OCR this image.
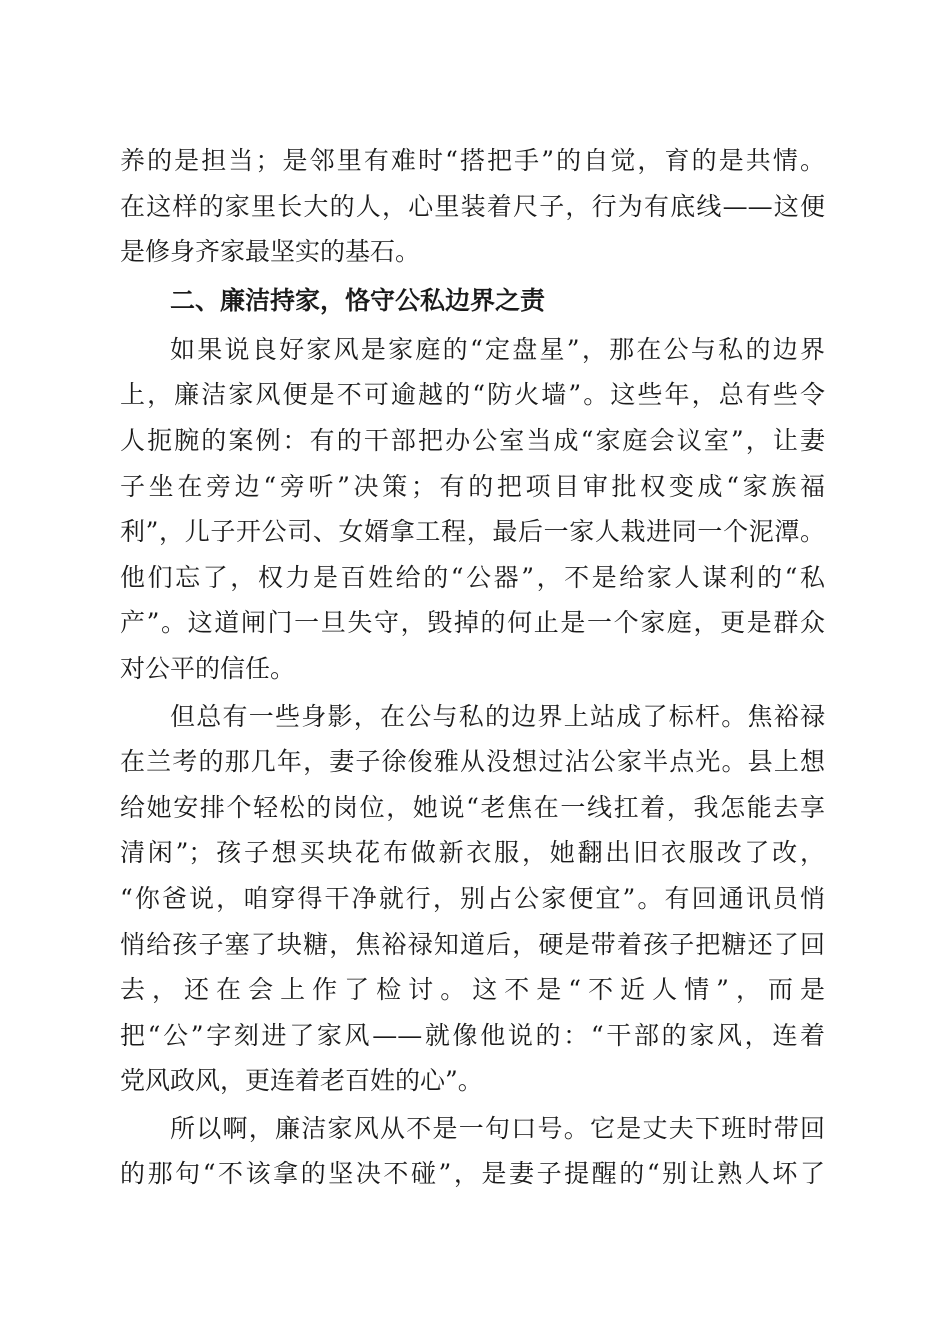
养的是担当；是邻里有难时“搭把手”的自觉，育的是共情。
在这样的家里长大的人，心里装着尺子，行为有底线——这便
是修身齐家最坚实的基石。
二、廉洁持家，恪守公私边界之责
如果说良好家风是家庭的“定盘星”，那在公与私的边界
上，廉洁家风便是不可逾越的“防火墙”。这些年，总有些令
人扼腕的案例：有的干部把办公室当成“家庭会议室”，让妻
子坐在旁边“旁听”决策；有的把项目审批权变成“家族福
利”，儿子开公司、女婿拿工程，最后一家人栽进同一个泥潭。
他们忘了，权力是百姓给的“公器”，不是给家人谋利的“私
产”。这道闸门一旦失守，毁掉的何止是一个家庭，更是群众
对公平的信任。
但总有一些身影，在公与私的边界上站成了标杆。焦裕禄
在兰考的那几年，妻子徐俊雅从没想过沾公家半点光。县上想
给她安排个轻松的岗位，她说“老焦在一线扛着，我怎能去享
清闲”；孩子想买块花布做新衣服，她翻出旧衣服改了改，
“你爸说，咱穿得干净就行，别占公家便宜”。有回通讯员悄
悄给孩子塞了块糖，焦裕禄知道后，硬是带着孩子把糖还了回
去，还在会上作了检讨。这不是“不近人情”，而是
把“公”字刻进了家风——就像他说的：“干部的家风，连着
党风政风，更连着老百姓的心”。
所以啊，廉洁家风从不是一句口号。它是丈夫下班时带回
的那句“不该拿的坚决不碰”，是妻子提醒的“别让熟人坏了
